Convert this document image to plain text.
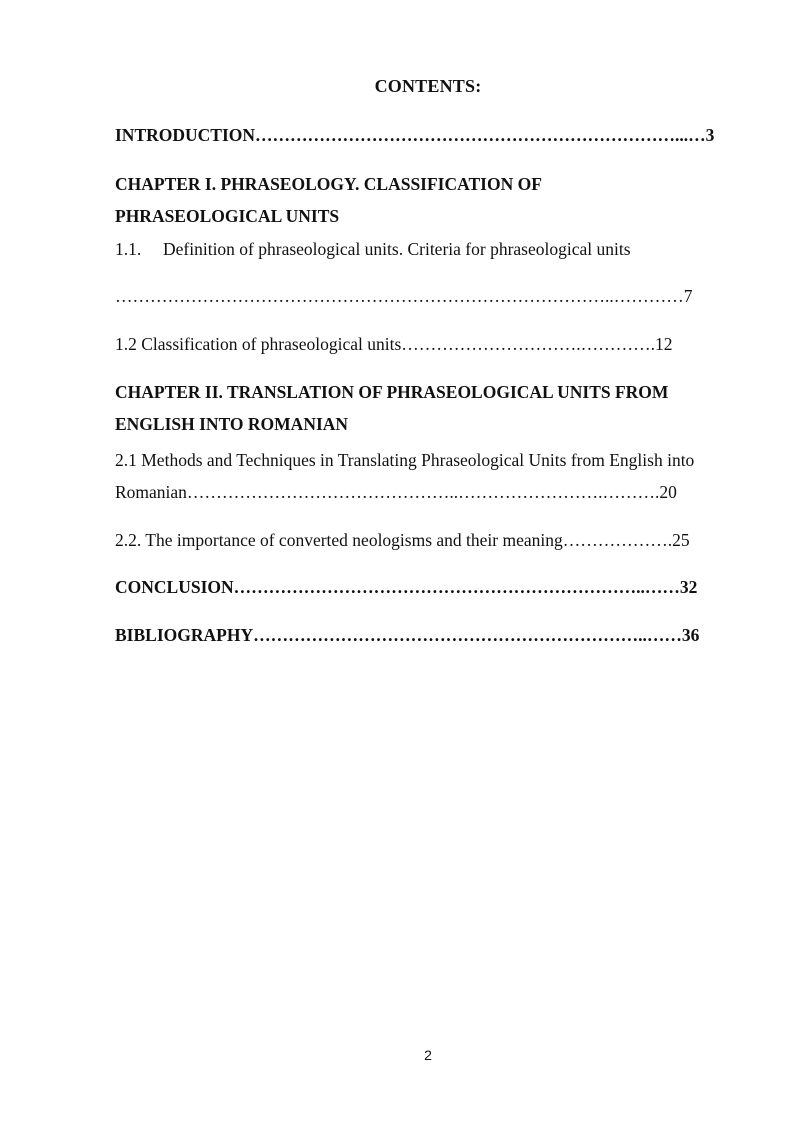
CONTENTS:
INTRODUCTION………………………………………………………………...…3
CHAPTER I. PHRASEOLOGY. CLASSIFICATION OF
PHRASEOLOGICAL UNITS
1.1. Definition of phraseological units. Criteria for phraseological units
…………………………………………………………………………..…………7
1.2 Classification of phraseological units………………………….………….12
CHAPTER II. TRANSLATION OF PHRASEOLOGICAL UNITS FROM
ENGLISH INTO ROMANIAN
2.1 Methods and Techniques in Translating Phraseological Units from English into
Romanian………………………………………..…………………….……….20
2.2. The importance of converted neologisms and their meaning……………….25
CONCLUSION……………………………………………………………..……32
BIBLIOGRAPHY…………………………………………………………..……36
2
